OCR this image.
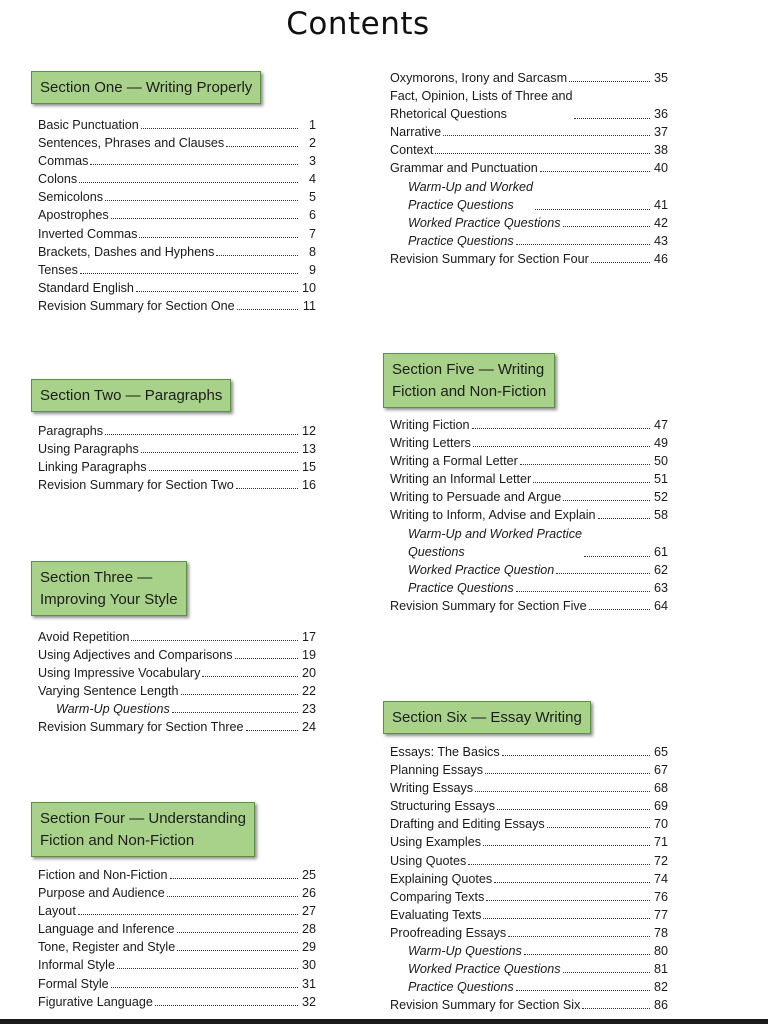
Contents
Section One — Writing Properly
Section Two — Paragraphs
Section Three —
Improving Your Style
Section Four — Understanding
Fiction and Non-Fiction
Section Five — Writing
Fiction and Non-Fiction
Section Six — Essay Writing
Basic Punctuation	1
Sentences, Phrases and Clauses	2
Commas	3
Colons	4
Semicolons	5
Apostrophes	6
Inverted Commas	7
Brackets, Dashes and Hyphens	8
Tenses	9
Standard English	10
Revision Summary for Section One	11
Paragraphs	12
Using Paragraphs	13
Linking Paragraphs	15
Revision Summary for Section Two	16
Avoid Repetition	17
Using Adjectives and Comparisons	19
Using Impressive Vocabulary	20
Varying Sentence Length	22
Warm-Up Questions	23
Revision Summary for Section Three	24
Fiction and Non-Fiction	25
Purpose and Audience	26
Layout	27
Language and Inference	28
Tone, Register and Style	29
Informal Style	30
Formal Style	31
Figurative Language	32
Oxymorons, Irony and Sarcasm	35
Fact, Opinion, Lists of Three and
Rhetorical Questions	36
Narrative	37
Context	38
Grammar and Punctuation	40
Warm-Up and Worked
Practice Questions	41
Worked Practice Questions	42
Practice Questions	43
Revision Summary for Section Four	46
Writing Fiction	47
Writing Letters	49
Writing a Formal Letter	50
Writing an Informal Letter	51
Writing to Persuade and Argue	52
Writing to Inform, Advise and Explain	58
Warm-Up and Worked Practice
Questions	61
Worked Practice Question	62
Practice Questions	63
Revision Summary for Section Five	64
Essays: The Basics	65
Planning Essays	67
Writing Essays	68
Structuring Essays	69
Drafting and Editing Essays	70
Using Examples	71
Using Quotes	72
Explaining Quotes	74
Comparing Texts	76
Evaluating Texts	77
Proofreading Essays	78
Warm-Up Questions	80
Worked Practice Questions	81
Practice Questions	82
Revision Summary for Section Six	86
